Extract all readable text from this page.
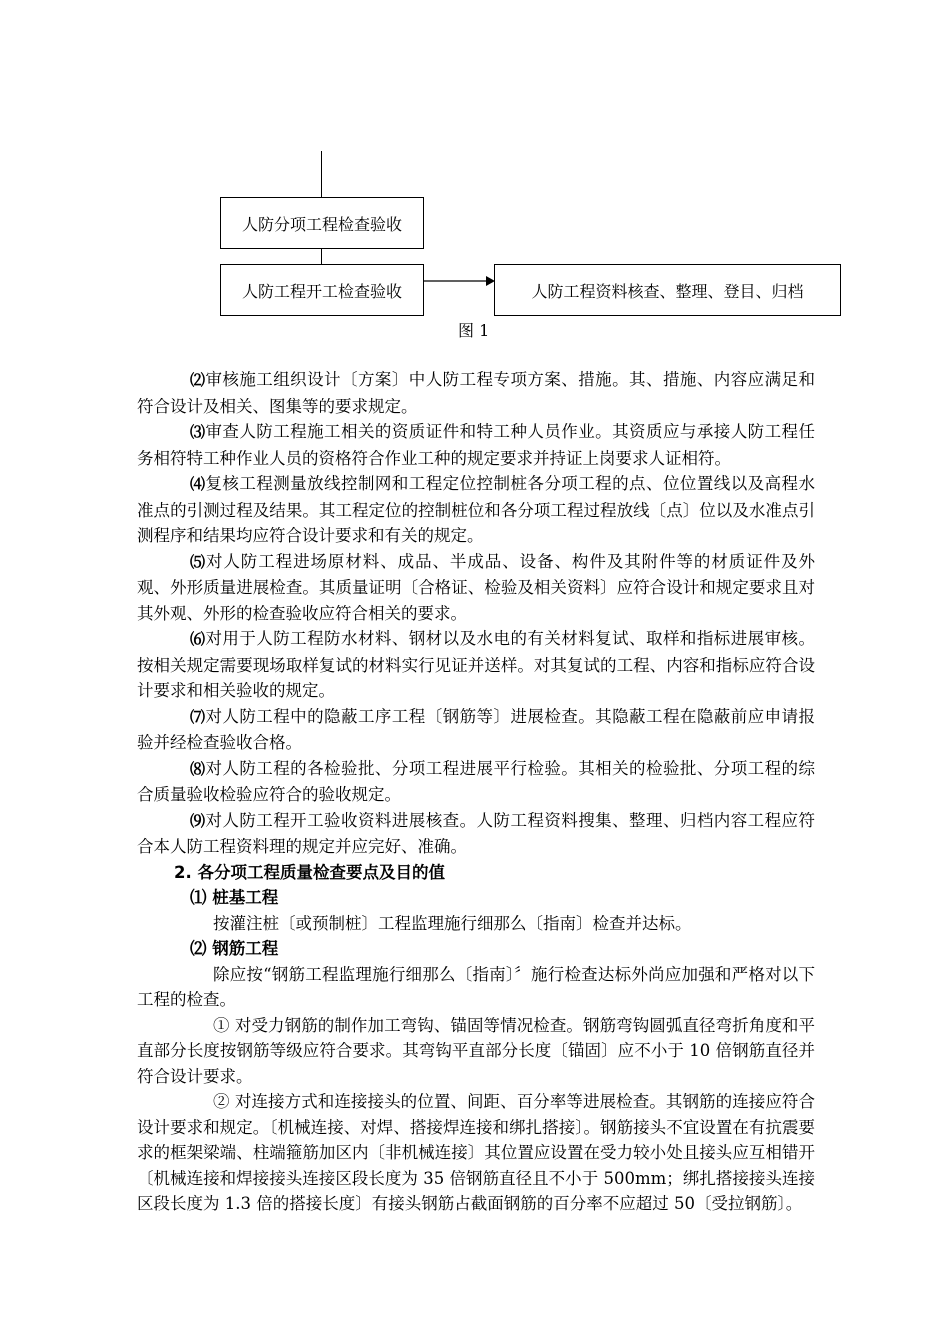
人防分项工程检查验收
人防工程开工检查验收	人防工程资料核查、整理、登目、归档
图 1

⑵审核施工组织设计〔方案〕中人防工程专项方案、措施。其、措施、内容应满足和符合设计及相关、图集等的要求规定。

⑶审查人防工程施工相关的资质证件和特工种人员作业。其资质应与承接人防工程任务相符特工种作业人员的资格符合作业工种的规定要求并持证上岗要求人证相符。

⑷复核工程测量放线控制网和工程定位控制桩各分项工程的点、位位置线以及高程水准点的引测过程及结果。其工程定位的控制桩位和各分项工程过程放线〔点〕位以及水准点引测程序和结果均应符合设计要求和有关的规定。

⑸对人防工程进场原材料、成品、半成品、设备、构件及其附件等的材质证件及外观、外形质量进展检查。其质量证明〔合格证、检验及相关资料〕应符合设计和规定要求且对其外观、外形的检查验收应符合相关的要求。

⑹对用于人防工程防水材料、钢材以及水电的有关材料复试、取样和指标进展审核。按相关规定需要现场取样复试的材料实行见证并送样。对其复试的工程、内容和指标应符合设计要求和相关验收的规定。

⑺对人防工程中的隐蔽工序工程〔钢筋等〕进展检查。其隐蔽工程在隐蔽前应申请报验并经检查验收合格。

⑻对人防工程的各检验批、分项工程进展平行检验。其相关的检验批、分项工程的综合质量验收检验应符合的验收规定。

⑼对人防工程开工验收资料进展核查。人防工程资料搜集、整理、归档内容工程应符合本人防工程资料理的规定并应完好、准确。

2. 各分项工程质量检查要点及目的值

⑴ 桩基工程

按灌注桩〔或预制桩〕工程监理施行细那么〔指南〕检查并达标。

⑵ 钢筋工程

除应按“钢筋工程监理施行细那么〔指南〕〞施行检查达标外尚应加强和严格对以下工程的检查。

① 对受力钢筋的制作加工弯钩、锚固等情况检查。钢筋弯钩圆弧直径弯折角度和平直部分长度按钢筋等级应符合要求。其弯钩平直部分长度〔锚固〕应不小于 10 倍钢筋直径并符合设计要求。

② 对连接方式和连接接头的位置、间距、百分率等进展检查。其钢筋的连接应符合设计要求和规定。〔机械连接、对焊、搭接焊连接和绑扎搭接〕。钢筋接头不宜设置在有抗震要求的框架梁端、柱端箍筋加区内〔非机械连接〕其位置应设置在受力较小处且接头应互相错开〔机械连接和焊接接头连接区段长度为 35 倍钢筋直径且不小于 500mm；绑扎搭接接头连接区段长度为 1.3 倍的搭接长度〕有接头钢筋占截面钢筋的百分率不应超过 50〔受拉钢筋〕。
